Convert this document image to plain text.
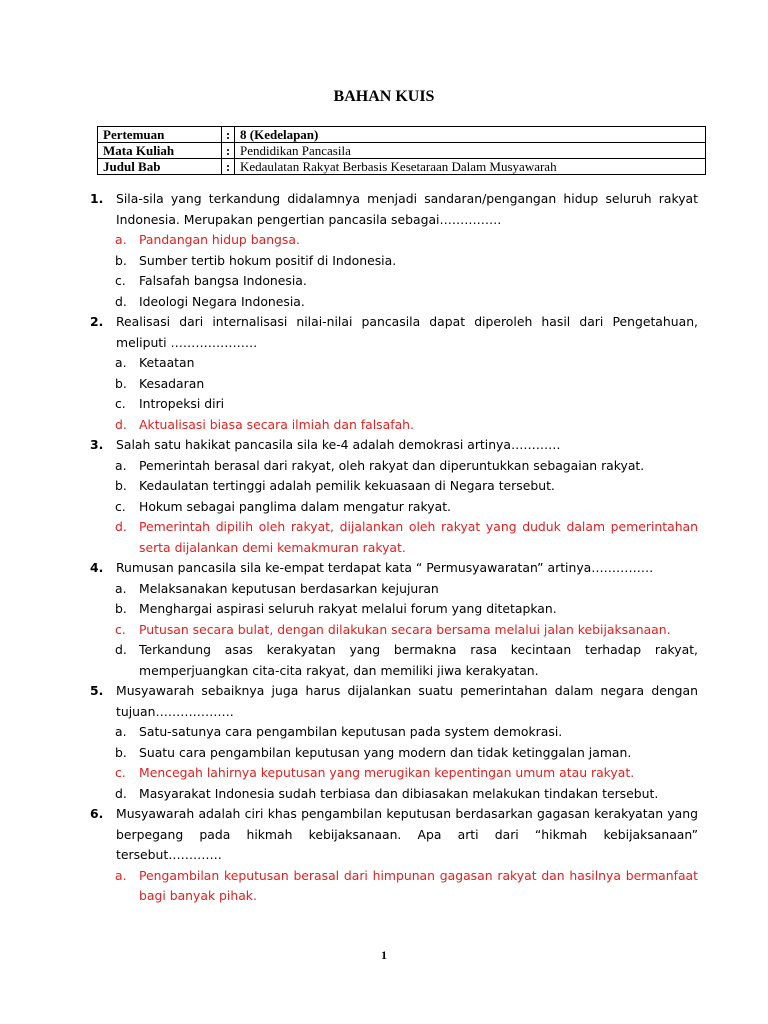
BAHAN KUIS
Pertemuan	:	8 (Kedelapan)
Mata Kuliah	:	Pendidikan Pancasila
Judul Bab	:	Kedaulatan Rakyat Berbasis Kesetaraan Dalam Musyawarah
1. Sila-sila yang terkandung didalamnya menjadi sandaran/pengangan hidup seluruh rakyat Indonesia. Merupakan pengertian pancasila sebagai……………
a. Pandangan hidup bangsa.
b. Sumber tertib hokum positif di Indonesia.
c. Falsafah bangsa Indonesia.
d. Ideologi Negara Indonesia.
2. Realisasi dari internalisasi nilai-nilai pancasila dapat diperoleh hasil dari Pengetahuan, meliputi …………………
a. Ketaatan
b. Kesadaran
c. Intropeksi diri
d. Aktualisasi biasa secara ilmiah dan falsafah.
3. Salah satu hakikat pancasila sila ke-4 adalah demokrasi artinya…………
a. Pemerintah berasal dari rakyat, oleh rakyat dan diperuntukkan sebagaian rakyat.
b. Kedaulatan tertinggi adalah pemilik kekuasaan di Negara tersebut.
c. Hokum sebagai panglima dalam mengatur rakyat.
d. Pemerintah dipilih oleh rakyat, dijalankan oleh rakyat yang duduk dalam pemerintahan serta dijalankan demi kemakmuran rakyat.
4. Rumusan pancasila sila ke-empat terdapat kata “ Permusyawaratan” artinya……………
a. Melaksanakan keputusan berdasarkan kejujuran
b. Menghargai aspirasi seluruh rakyat melalui forum yang ditetapkan.
c. Putusan secara bulat, dengan dilakukan secara bersama melalui jalan kebijaksanaan.
d. Terkandung asas kerakyatan yang bermakna rasa kecintaan terhadap rakyat, memperjuangkan cita-cita rakyat, dan memiliki jiwa kerakyatan.
5. Musyawarah sebaiknya juga harus dijalankan suatu pemerintahan dalam negara dengan tujuan……………….
a. Satu-satunya cara pengambilan keputusan pada system demokrasi.
b. Suatu cara pengambilan keputusan yang modern dan tidak ketinggalan jaman.
c. Mencegah lahirnya keputusan yang merugikan kepentingan umum atau rakyat.
d. Masyarakat Indonesia sudah terbiasa dan dibiasakan melakukan tindakan tersebut.
6. Musyawarah adalah ciri khas pengambilan keputusan berdasarkan gagasan kerakyatan yang berpegang pada hikmah kebijaksanaan. Apa arti dari “hikmah kebijaksanaan” tersebut………….
a. Pengambilan keputusan berasal dari himpunan gagasan rakyat dan hasilnya bermanfaat bagi banyak pihak.
1
